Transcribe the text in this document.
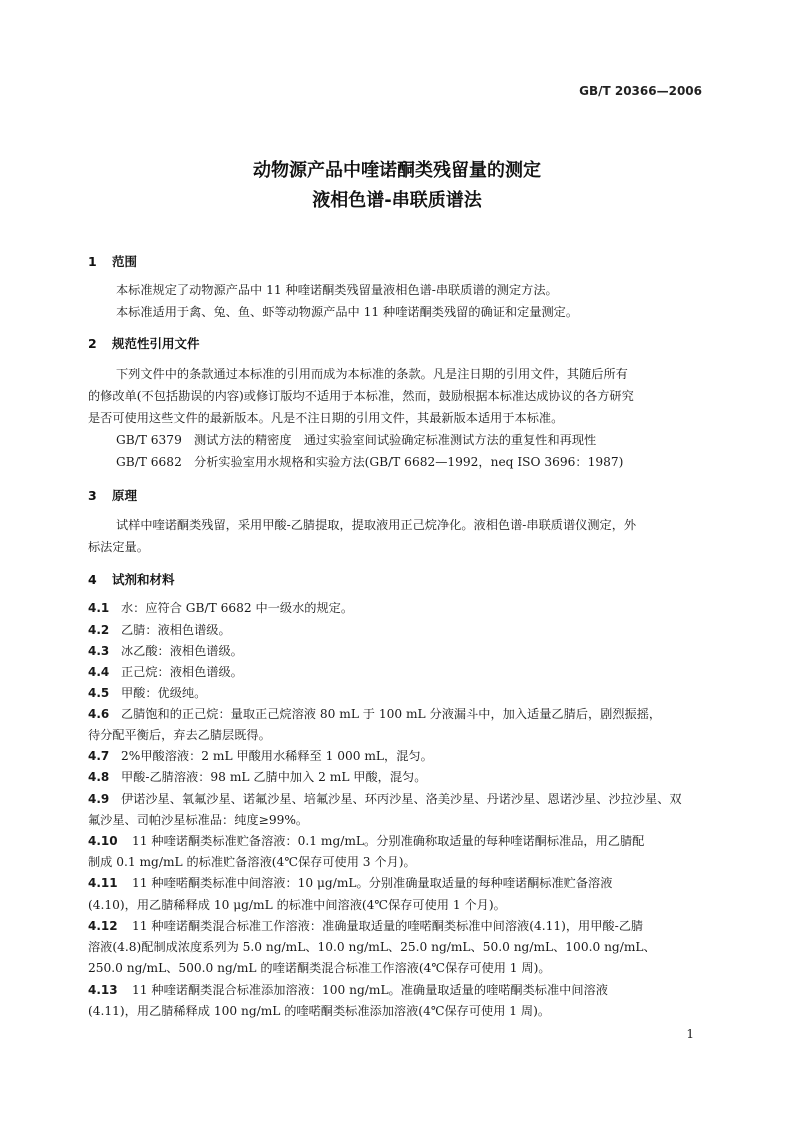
GB/T 20366—2006
动物源产品中喹诺酮类残留量的测定
液相色谱-串联质谱法
1 范围
本标准规定了动物源产品中 11 种喹诺酮类残留量液相色谱-串联质谱的测定方法。
本标准适用于禽、兔、鱼、虾等动物源产品中 11 种喹诺酮类残留的确证和定量测定。
2 规范性引用文件
下列文件中的条款通过本标准的引用而成为本标准的条款。凡是注日期的引用文件，其随后所有
的修改单(不包括勘误的内容)或修订版均不适用于本标准，然而，鼓励根据本标准达成协议的各方研究
是否可使用这些文件的最新版本。凡是不注日期的引用文件，其最新版本适用于本标准。
GB/T 6379　测试方法的精密度　通过实验室间试验确定标准测试方法的重复性和再现性
GB/T 6682　分析实验室用水规格和实验方法(GB/T 6682—1992，neq ISO 3696：1987)
3 原理
试样中喹诺酮类残留，采用甲酸-乙腈提取，提取液用正己烷净化。液相色谱-串联质谱仪测定，外
标法定量。
4 试剂和材料
4.1 水：应符合 GB/T 6682 中一级水的规定。
4.2 乙腈：液相色谱级。
4.3 冰乙酸：液相色谱级。
4.4 正己烷：液相色谱级。
4.5 甲酸：优级纯。
4.6 乙腈饱和的正己烷：量取正己烷溶液 80 mL 于 100 mL 分液漏斗中，加入适量乙腈后，剧烈振摇，
待分配平衡后，弃去乙腈层既得。
4.7 2%甲酸溶液：2 mL 甲酸用水稀释至 1 000 mL，混匀。
4.8 甲酸-乙腈溶液：98 mL 乙腈中加入 2 mL 甲酸，混匀。
4.9 伊诺沙星、氧氟沙星、诺氟沙星、培氟沙星、环丙沙星、洛美沙星、丹诺沙星、恩诺沙星、沙拉沙星、双
氟沙星、司帕沙星标准品：纯度≥99%。
4.10 11 种喹诺酮类标准贮备溶液：0.1 mg/mL。分别准确称取适量的每种喹诺酮标准品，用乙腈配
制成 0.1 mg/mL 的标准贮备溶液(4℃保存可使用 3 个月)。
4.11 11 种喹喏酮类标准中间溶液：10 μg/mL。分别准确量取适量的每种喹诺酮标准贮备溶液
(4.10)，用乙腈稀释成 10 μg/mL 的标准中间溶液(4℃保存可使用 1 个月)。
4.12 11 种喹诺酮类混合标准工作溶液：准确量取适量的喹喏酮类标准中间溶液(4.11)，用甲酸-乙腈
溶液(4.8)配制成浓度系列为 5.0 ng/mL、10.0 ng/mL、25.0 ng/mL、50.0 ng/mL、100.0 ng/mL、
250.0 ng/mL、500.0 ng/mL 的喹诺酮类混合标准工作溶液(4℃保存可使用 1 周)。
4.13 11 种喹诺酮类混合标准添加溶液：100 ng/mL。准确量取适量的喹喏酮类标准中间溶液
(4.11)，用乙腈稀释成 100 ng/mL 的喹喏酮类标准添加溶液(4℃保存可使用 1 周)。
1
